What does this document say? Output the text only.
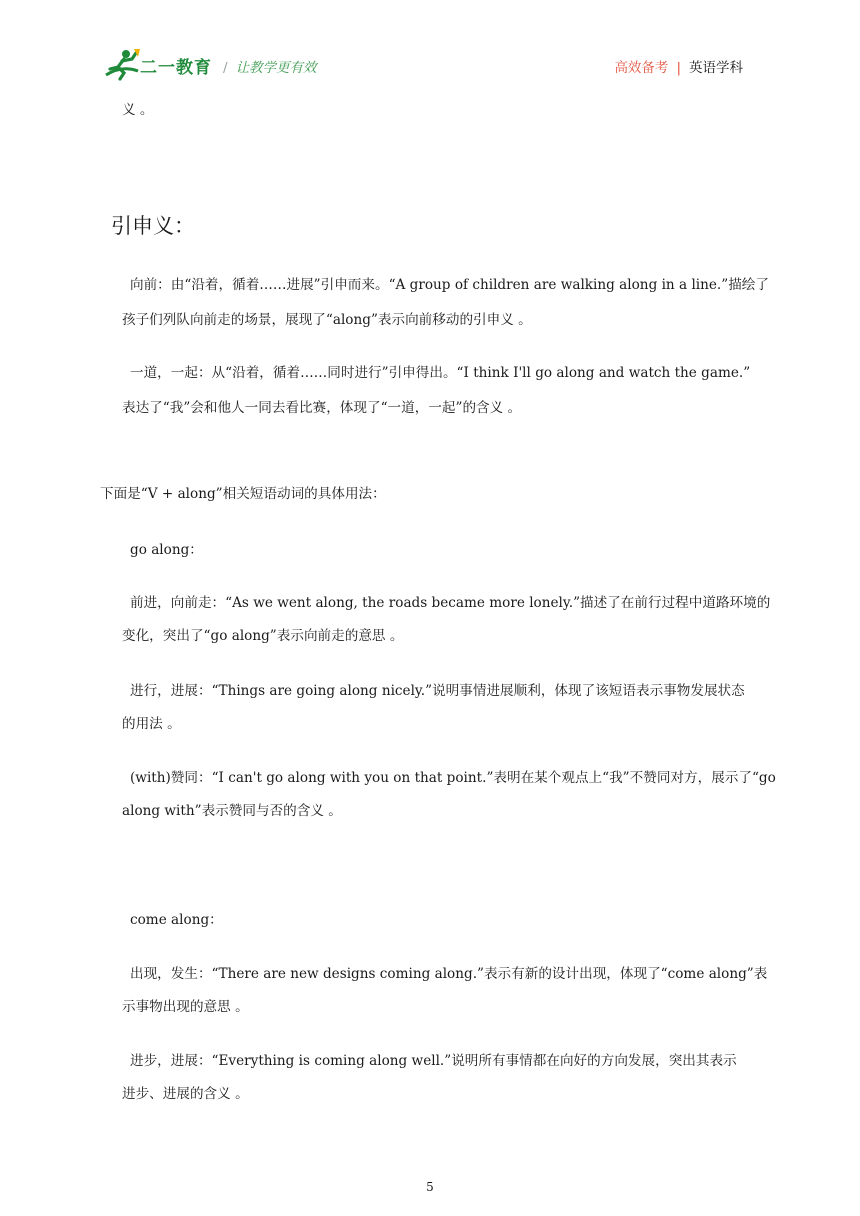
二一教育 / 让教学更有效	高效备考 | 英语学科
义 。
引申义：
向前：由“沿着，循着……进展”引申而来。“A group of children are walking along in a line.”描绘了
孩子们列队向前走的场景，展现了“along”表示向前移动的引申义 。
一道，一起：从“沿着，循着……同时进行”引申得出。“I think I'll go along and watch the game.”
表达了“我”会和他人一同去看比赛，体现了“一道，一起”的含义 。
下面是“V + along”相关短语动词的具体用法：
go along：
前进，向前走：“As we went along, the roads became more lonely.”描述了在前行过程中道路环境的
变化，突出了“go along”表示向前走的意思 。
进行，进展：“Things are going along nicely.”说明事情进展顺利，体现了该短语表示事物发展状态
的用法 。
(with)赞同：“I can't go along with you on that point.”表明在某个观点上“我”不赞同对方，展示了“go
along with”表示赞同与否的含义 。
come along：
出现，发生：“There are new designs coming along.”表示有新的设计出现，体现了“come along”表
示事物出现的意思 。
进步，进展：“Everything is coming along well.”说明所有事情都在向好的方向发展，突出其表示
进步、进展的含义 。
5
